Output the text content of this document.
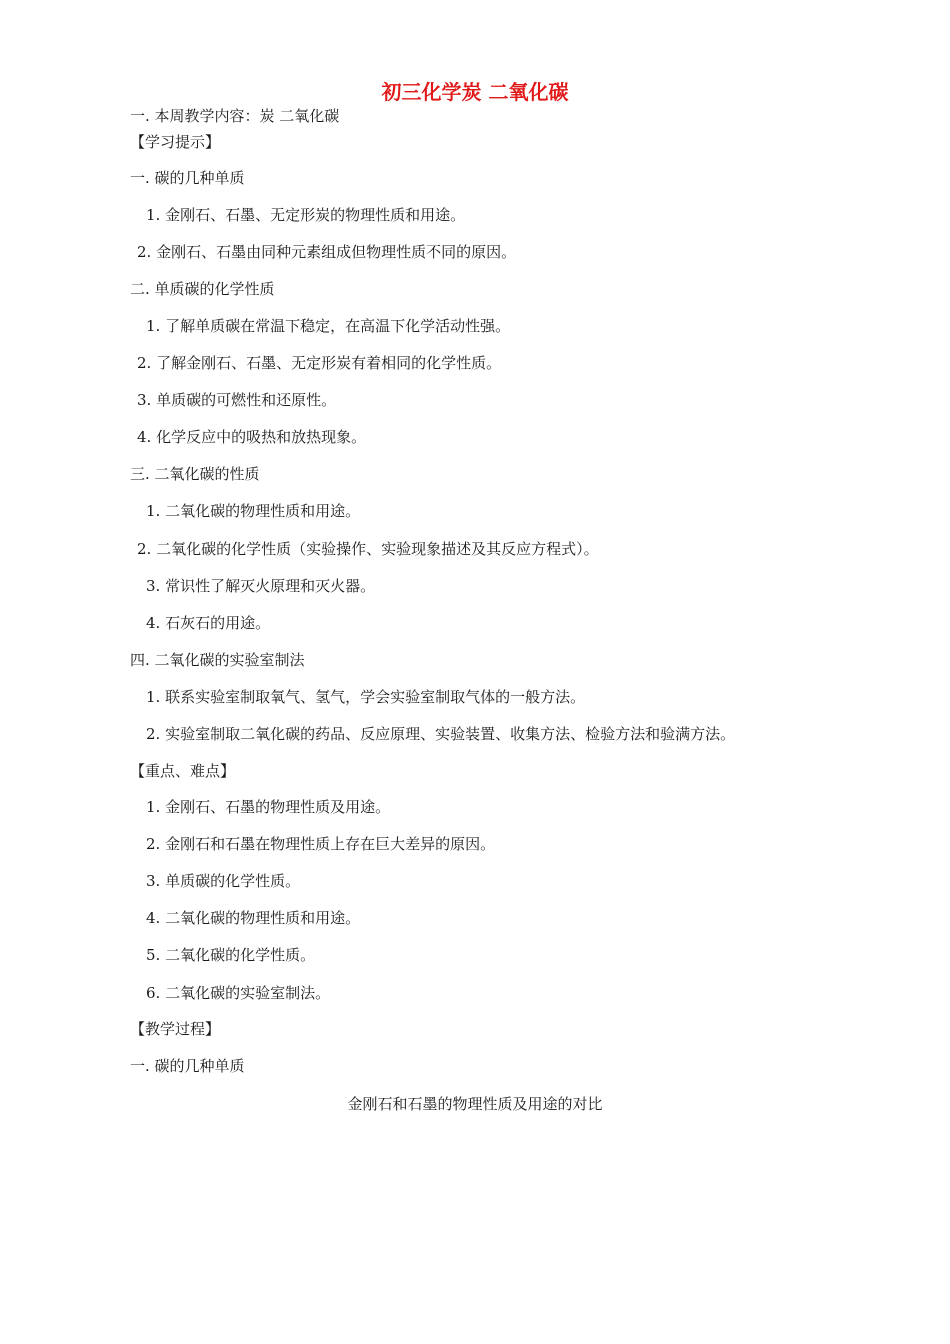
初三化学炭 二氧化碳
一. 本周教学内容：炭 二氧化碳
【学习提示】
一. 碳的几种单质
1. 金刚石、石墨、无定形炭的物理性质和用途。
2. 金刚石、石墨由同种元素组成但物理性质不同的原因。
二. 单质碳的化学性质
1. 了解单质碳在常温下稳定，在高温下化学活动性强。
2. 了解金刚石、石墨、无定形炭有着相同的化学性质。
3. 单质碳的可燃性和还原性。
4. 化学反应中的吸热和放热现象。
三. 二氧化碳的性质
1. 二氧化碳的物理性质和用途。
2. 二氧化碳的化学性质（实验操作、实验现象描述及其反应方程式）。
3. 常识性了解灭火原理和灭火器。
4. 石灰石的用途。
四. 二氧化碳的实验室制法
1. 联系实验室制取氧气、氢气，学会实验室制取气体的一般方法。
2. 实验室制取二氧化碳的药品、反应原理、实验装置、收集方法、检验方法和验满方法。
【重点、难点】
1. 金刚石、石墨的物理性质及用途。
2. 金刚石和石墨在物理性质上存在巨大差异的原因。
3. 单质碳的化学性质。
4. 二氧化碳的物理性质和用途。
5. 二氧化碳的化学性质。
6. 二氧化碳的实验室制法。
【教学过程】
一. 碳的几种单质
金刚石和石墨的物理性质及用途的对比
